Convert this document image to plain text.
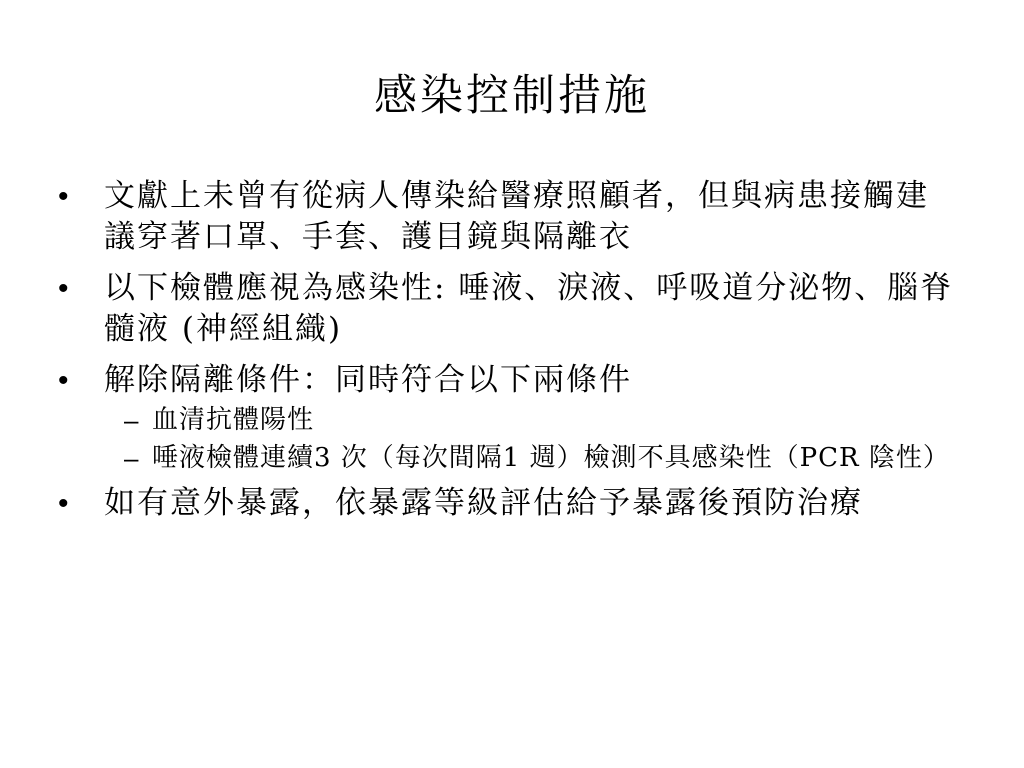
感染控制措施
• 文獻上未曾有從病人傳染給醫療照顧者，但與病患接觸建議穿著口罩、手套、護目鏡與隔離衣
• 以下檢體應視為感染性: 唾液、淚液、呼吸道分泌物、腦脊髓液 (神經組織)
• 解除隔離條件：同時符合以下兩條件
– 血清抗體陽性
– 唾液檢體連續3 次（每次間隔1 週）檢測不具感染性（PCR 陰性）
• 如有意外暴露，依暴露等級評估給予暴露後預防治療
